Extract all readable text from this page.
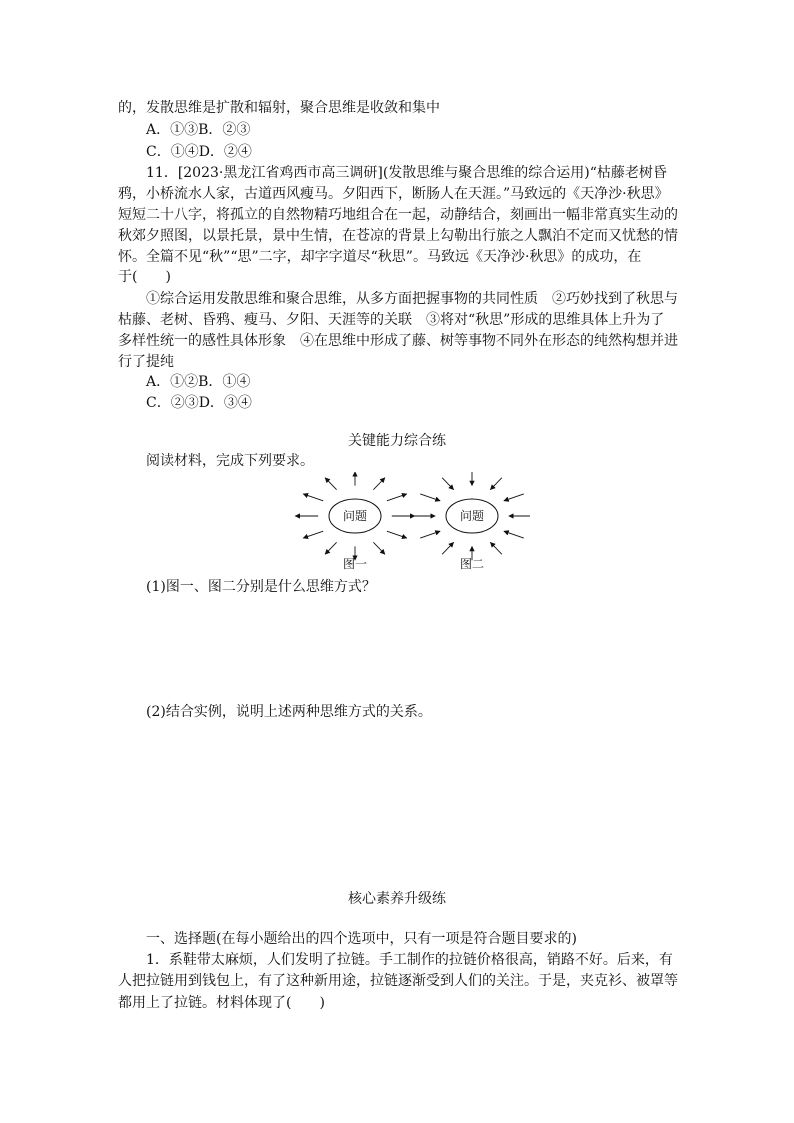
的，发散思维是扩散和辐射，聚合思维是收敛和集中
A．①③B．②③
C．①④D．②④
11．[2023·黑龙江省鸡西市高三调研](发散思维与聚合思维的综合运用)“枯藤老树昏
鸦，小桥流水人家，古道西风瘦马。夕阳西下，断肠人在天涯。”马致远的《天净沙·秋思》
短短二十八字，将孤立的自然物精巧地组合在一起，动静结合，刻画出一幅非常真实生动的
秋郊夕照图，以景托景，景中生情，在苍凉的背景上勾勒出行旅之人飘泊不定而又忧愁的情
怀。全篇不见“秋”“思”二字，却字字道尽“秋思”。马致远《天净沙·秋思》的成功，在
于(　　)
①综合运用发散思维和聚合思维，从多方面把握事物的共同性质　②巧妙找到了秋思与
枯藤、老树、昏鸦、瘦马、夕阳、天涯等的关联　③将对“秋思”形成的思维具体上升为了
多样性统一的感性具体形象　④在思维中形成了藤、树等事物不同外在形态的纯然构想并进
行了提纯
A．①②B．①④
C．②③D．③④
关键能力综合练
阅读材料，完成下列要求。
问题	问题
图一	图二
(1)图一、图二分别是什么思维方式？
(2)结合实例，说明上述两种思维方式的关系。
核心素养升级练
一、选择题(在每小题给出的四个选项中，只有一项是符合题目要求的)
1．系鞋带太麻烦，人们发明了拉链。手工制作的拉链价格很高，销路不好。后来，有
人把拉链用到钱包上，有了这种新用途，拉链逐渐受到人们的关注。于是，夹克衫、被罩等
都用上了拉链。材料体现了(　　)
